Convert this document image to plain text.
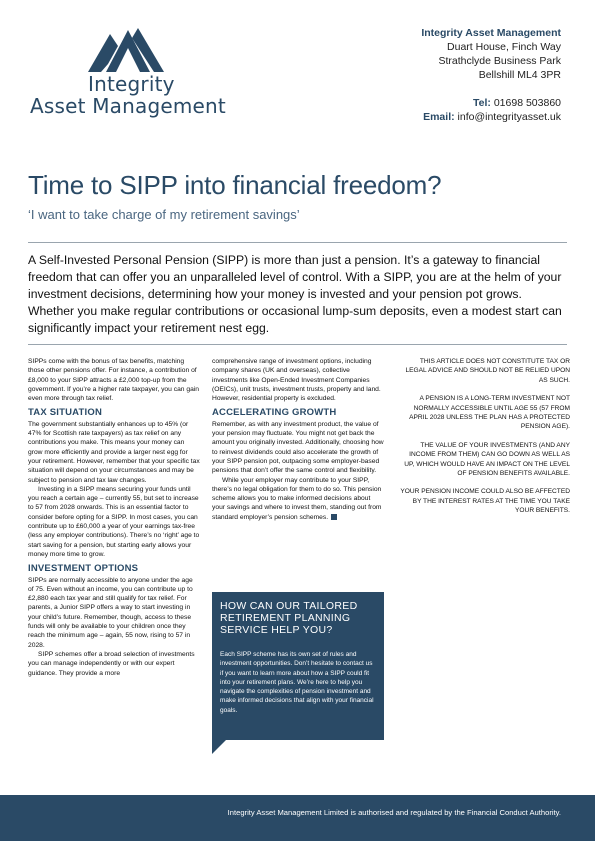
Integrity
Asset Management
Integrity Asset Management
Duart House, Finch Way
Strathclyde Business Park
Bellshill ML4 3PR
Tel: 01698 503860
Email: info@integrityasset.uk
Time to SIPP into financial freedom?
‘I want to take charge of my retirement savings’

A Self-Invested Personal Pension (SIPP) is more than just a pension. It’s a gateway to financial freedom that can offer you an unparalleled level of control. With a SIPP, you are at the helm of your investment decisions, determining how your money is invested and your pension pot grows. Whether you make regular contributions or occasional lump-sum deposits, even a modest start can significantly impact your retirement nest egg.

SIPPs come with the bonus of tax benefits, matching those other pensions offer. For instance, a contribution of £8,000 to your SIPP attracts a £2,000 top-up from the government. If you’re a higher rate taxpayer, you can gain even more through tax relief.

TAX SITUATION

The government substantially enhances up to 45% (or 47% for Scottish rate taxpayers) as tax relief on any contributions you make. This means your money can grow more efficiently and provide a larger nest egg for your retirement. However, remember that your specific tax situation will depend on your circumstances and may be subject to pension and tax law changes.

Investing in a SIPP means securing your funds until you reach a certain age – currently 55, but set to increase to 57 from 2028 onwards. This is an essential factor to consider before opting for a SIPP. In most cases, you can contribute up to £60,000 a year of your earnings tax-free (less any employer contributions). There’s no ‘right’ age to start saving for a pension, but starting early allows your money more time to grow.

INVESTMENT OPTIONS

SIPPs are normally accessible to anyone under the age of 75. Even without an income, you can contribute up to £2,880 each tax year and still qualify for tax relief. For parents, a Junior SIPP offers a way to start investing in your child’s future. Remember, though, access to these funds will only be available to your children once they reach the minimum age – again, 55 now, rising to 57 in 2028.

SIPP schemes offer a broad selection of investments you can manage independently or with our expert guidance. They provide a more

comprehensive range of investment options, including company shares (UK and overseas), collective investments like Open-Ended Investment Companies (OEICs), unit trusts, investment trusts, property and land. However, residential property is excluded.

ACCELERATING GROWTH

Remember, as with any investment product, the value of your pension may fluctuate. You might not get back the amount you originally invested. Additionally, choosing how to reinvest dividends could also accelerate the growth of your SIPP pension pot, outpacing some employer-based pensions that don’t offer the same control and flexibility.

While your employer may contribute to your SIPP, there’s no legal obligation for them to do so. This pension scheme allows you to make informed decisions about your savings and where to invest them, standing out from standard employer’s pension schemes.

HOW CAN OUR TAILORED RETIREMENT PLANNING SERVICE HELP YOU?

Each SIPP scheme has its own set of rules and investment opportunities. Don’t hesitate to contact us if you want to learn more about how a SIPP could fit into your retirement plans. We’re here to help you navigate the complexities of pension investment and make informed decisions that align with your financial goals.

THIS ARTICLE DOES NOT CONSTITUTE TAX OR LEGAL ADVICE AND SHOULD NOT BE RELIED UPON AS SUCH.

A PENSION IS A LONG-TERM INVESTMENT NOT NORMALLY ACCESSIBLE UNTIL AGE 55 (57 FROM APRIL 2028 UNLESS THE PLAN HAS A PROTECTED PENSION AGE).

THE VALUE OF YOUR INVESTMENTS (AND ANY INCOME FROM THEM) CAN GO DOWN AS WELL AS UP, WHICH WOULD HAVE AN IMPACT ON THE LEVEL OF PENSION BENEFITS AVAILABLE.

YOUR PENSION INCOME COULD ALSO BE AFFECTED BY THE INTEREST RATES AT THE TIME YOU TAKE YOUR BENEFITS.

Integrity Asset Management Limited is authorised and regulated by the Financial Conduct Authority.
